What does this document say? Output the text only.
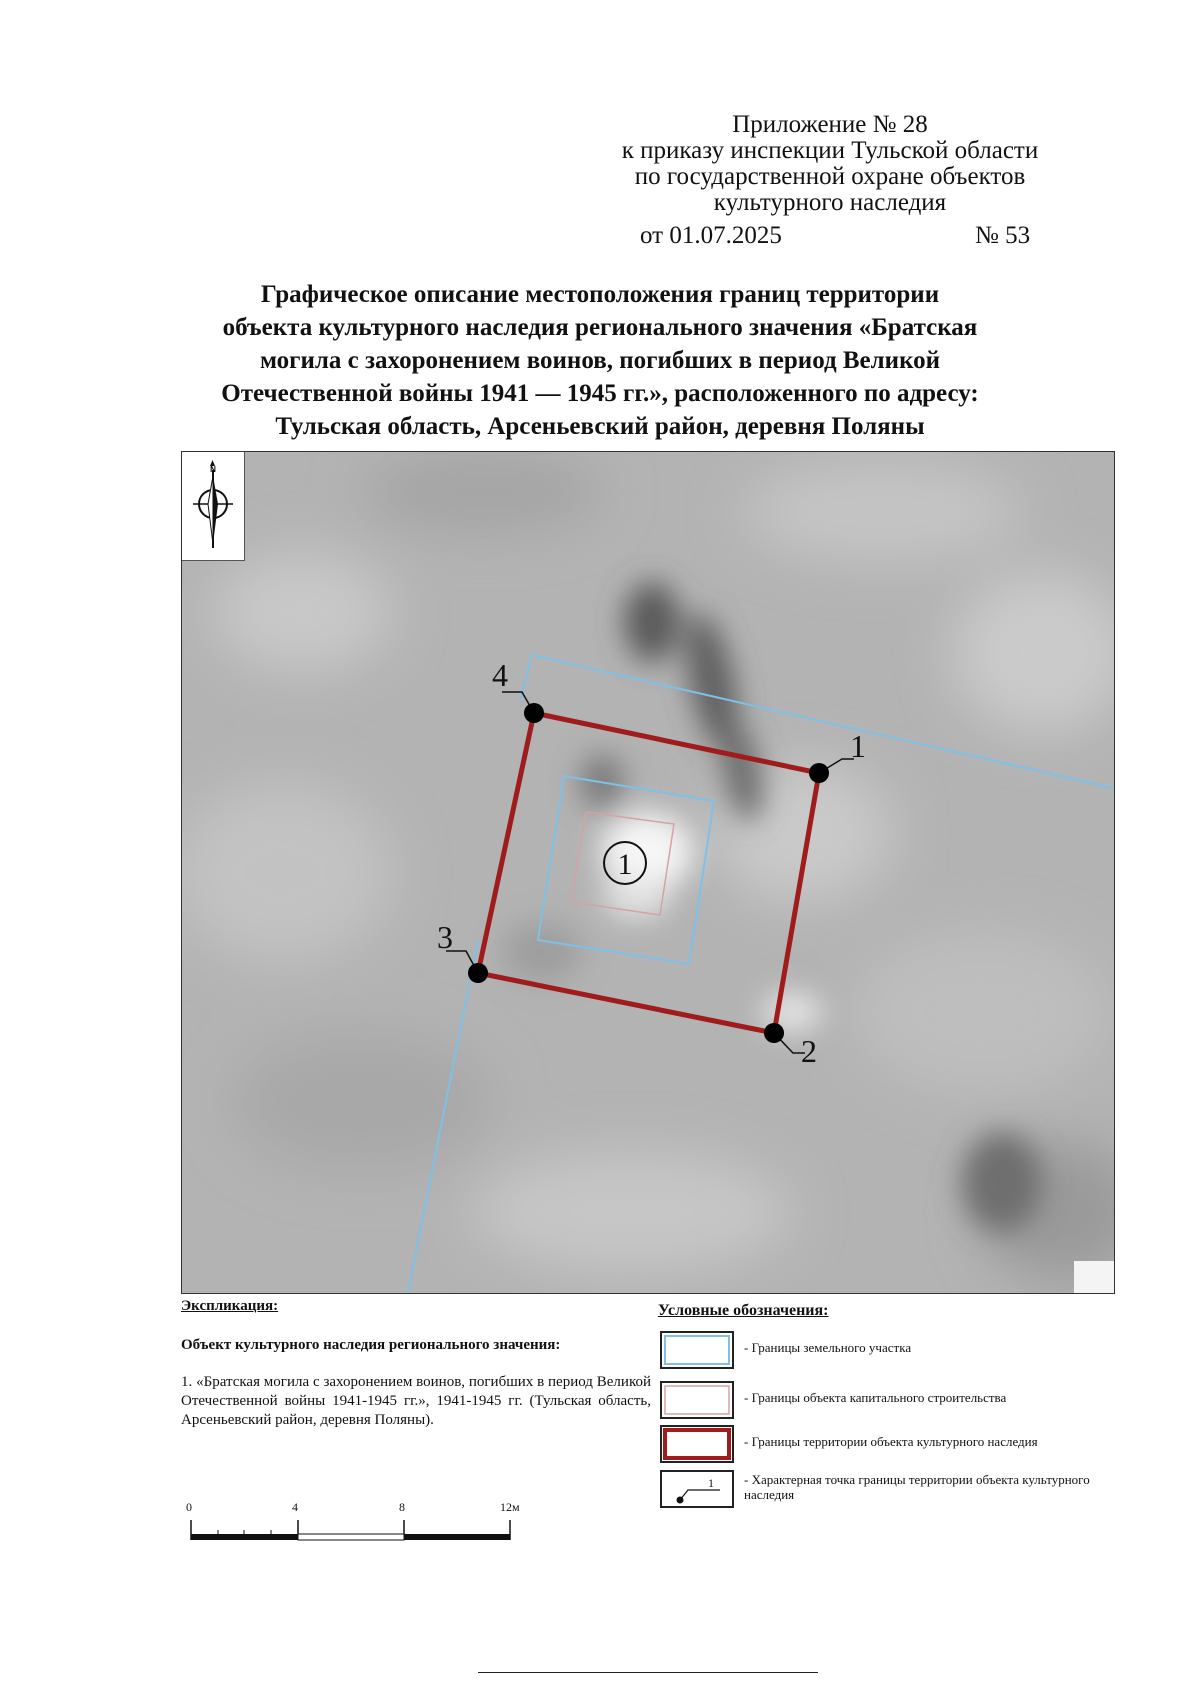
Приложение № 28
к приказу инспекции Тульской области
по государственной охране объектов
культурного наследия
от 01.07.2025	№ 53
Графическое описание местоположения границ территории
объекта культурного наследия регионального значения «Братская
могила с захоронением воинов, погибших в период Великой
Отечественной войны 1941 — 1945 гг.», расположенного по адресу:
Тульская область, Арсеньевский район, деревня Поляны
1
2
3
4
1
N
Экспликация:
Объект культурного наследия регионального значения:
1. «Братская могила с захоронением воинов, погибших в период Великой Отечественной войны 1941-1945 гг.», 1941-1945 гг. (Тульская область, Арсеньевский район, деревня Поляны).
Условные обозначения:
- Границы земельного участка
- Границы объекта капитального строительства
- Границы территории объекта культурного наследия
1 - Характерная точка границы территории объекта культурного наследия
0	4	8	12м
